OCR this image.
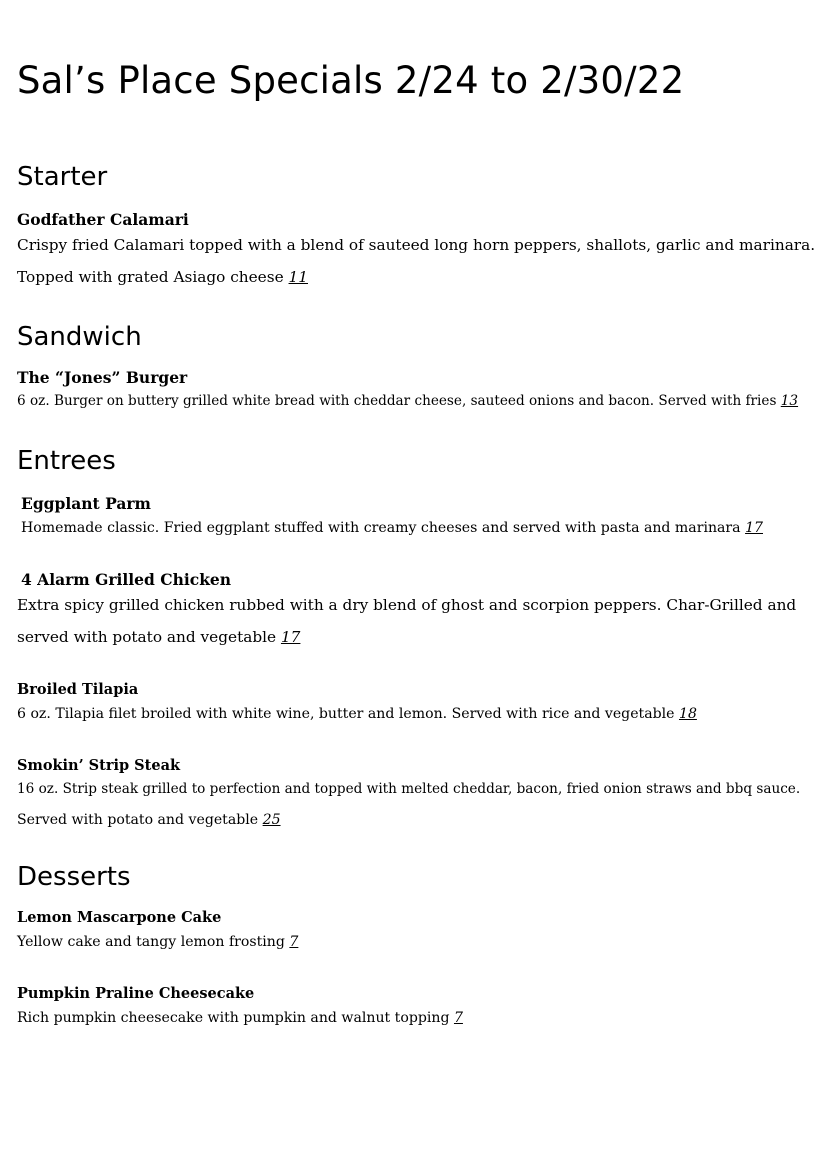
Sal’s Place Specials 2/24 to 2/30/22
Starter
Godfather Calamari
Crispy fried Calamari topped with a blend of sauteed long horn peppers, shallots, garlic and marinara.
Topped with grated Asiago cheese 11
Sandwich
The “Jones” Burger
6 oz. Burger on buttery grilled white bread with cheddar cheese, sauteed onions and bacon. Served with fries 13
Entrees
Eggplant Parm
Homemade classic. Fried eggplant stuffed with creamy cheeses and served with pasta and marinara 17
4 Alarm Grilled Chicken
Extra spicy grilled chicken rubbed with a dry blend of ghost and scorpion peppers. Char-Grilled and
served with potato and vegetable 17
Broiled Tilapia
6 oz. Tilapia filet broiled with white wine, butter and lemon. Served with rice and vegetable 18
Smokin’ Strip Steak
16 oz. Strip steak grilled to perfection and topped with melted cheddar, bacon, fried onion straws and bbq sauce.
Served with potato and vegetable 25
Desserts
Lemon Mascarpone Cake
Yellow cake and tangy lemon frosting 7
Pumpkin Praline Cheesecake
Rich pumpkin cheesecake with pumpkin and walnut topping 7
